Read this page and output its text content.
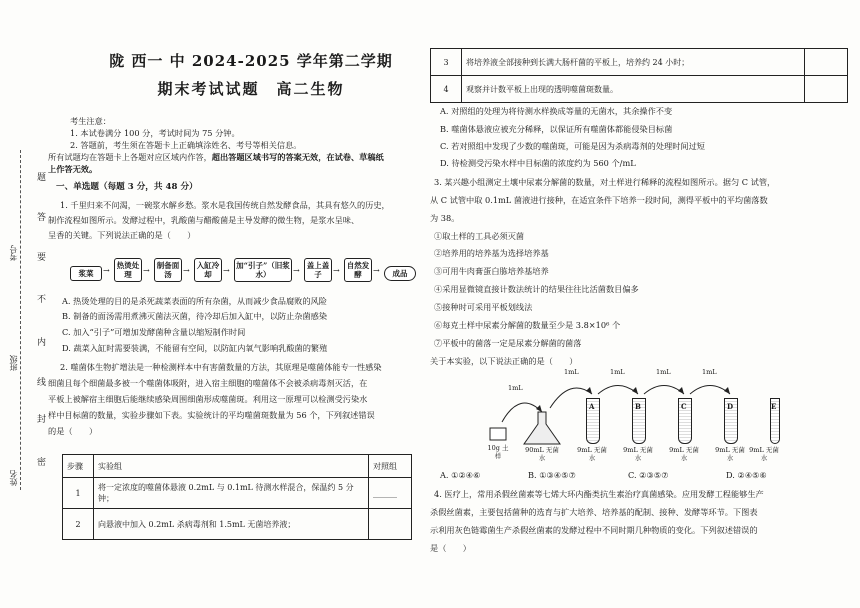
姓名
班级
考号
密
封
线
内
不
要
答
题
陇 西一 中 2024-2025 学年第二学期
期末考试试题　高二生物
考生注意：
1. 本试卷满分 100 分，考试时间为 75 分钟。
2. 答题前，考生须在答题卡上正确填涂姓名、考号等相关信息。
所有试题均在答题卡上各题对应区域内作答，超出答题区域书写的答案无效，在试卷、草稿纸
上作答无效。
一、单选题（每题 3 分，共 48 分）
1. 千里归来不问渴，一碗浆水解乡愁。浆水是我国传统自然发酵食品，其具有悠久的历史，
制作流程如图所示。发酵过程中，乳酸菌与醋酸菌是主导发酵的微生物，是浆水呈味、
呈香的关键。下列说法正确的是（　　）
浆菜	→
热烫处理	→
制备面汤	→
入缸冷却	→
加“引子”（旧浆水）	→
盖上盖子	→
自然发酵	→	成品
A. 热烫处理的目的是杀死蔬菜表面的所有杂菌，从而减少食品腐败的风险
B. 制备的面汤需用煮沸灭菌法灭菌，待冷却后加入缸中，以防止杂菌感染
C. 加入“引子”可增加发酵菌种含量以缩短制作时间
D. 蔬菜入缸时需要装满，不能留有空间，以防缸内氧气影响乳酸菌的繁殖
2. 噬菌体生物扩增法是一种检测样本中有害菌数量的方法，其原理是噬菌体能专一性感染
细菌且每个细菌最多被一个噬菌体吸附，进入宿主细胞的噬菌体不会被杀病毒剂灭活，在
平板上被解宿主细胞后能继续感染周围细菌形成噬菌斑。利用这一原理可以检测受污染水
样中目标菌的数量，实验步骤如下表。实验统计的平均噬菌斑数量为 56 个，下列叙述错误
的是（　　）
步骤	实验组	对照组
1	将一定浓度的噬菌体悬液 0.2mL 与 0.1mL 待测水样混合，保温约 5 分钟；	______
2	向悬液中加入 0.2mL 杀病毒剂和 1.5mL 无菌培养液；	
3	将培养液全部接种到长满大肠杆菌的平板上，培养约 24 小时；	
4	观察并计数平板上出现的透明噬菌斑数量。	
A. 对照组的处理为将待测水样换成等量的无菌水，其余操作不变
B. 噬菌体悬液应被充分稀释，以保证所有噬菌体都能侵染目标菌
C. 若对照组中发现了少数的噬菌斑，可能是因为杀病毒剂的处理时间过短
D. 待检测受污染水样中目标菌的浓度约为 560 个/mL
3. 某兴趣小组测定土壤中尿素分解菌的数量，对土样进行稀释的流程如图所示。据匀 C 试管，
从 C 试管中取 0.1mL 菌液进行接种，在适宜条件下培养一段时间，测得平板中的平均菌落数
为 38。
①取土样的工具必须灭菌
②培养用的培养基为选择培养基
③可用牛肉膏蛋白胨培养基培养
④采用显微镜直接计数法统计的结果往往比活菌数目偏多
⑤接种时可采用平板划线法
⑥每克土样中尿素分解菌的数量至少是 3.8×10⁶ 个
⑦平板中的菌落一定是尿素分解菌的菌落
关于本实验，以下说法正确的是（　　）
1mL
1mL	1mL	1mL	1mL
A	B	C	D	E
10g 土样
90mL 无菌水
9mL 无菌水
9mL 无菌水
9mL 无菌水
9mL 无菌水
9mL 无菌水
A. ①②④⑥	B. ①③④⑤⑦	C. ②③⑤⑦	D. ②④⑤⑥
4. 医疗上，常用杀假丝菌素等七烯大环内酯类抗生素治疗真菌感染。应用发酵工程能够生产
杀假丝菌素，主要包括菌种的选育与扩大培养、培养基的配制、接种、发酵等环节。下图表
示利用灰色链霉菌生产杀假丝菌素的发酵过程中不同时期几种物质的变化。下列叙述错误的
是（　　）
